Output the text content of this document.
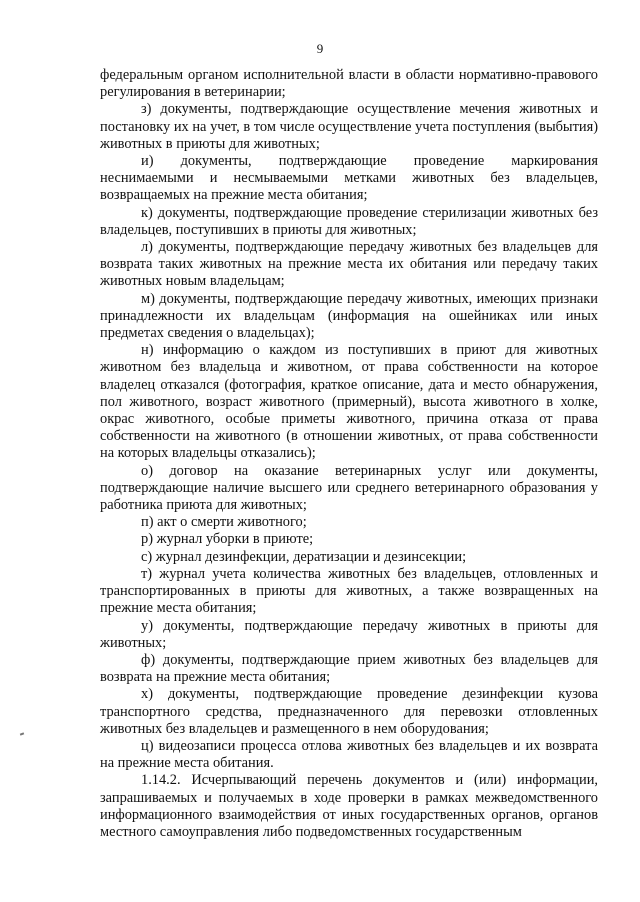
9

федеральным органом исполнительной власти в области нормативно-правового регулирования в ветеринарии;

з) документы, подтверждающие осуществление мечения животных и постановку их на учет, в том числе осуществление учета поступления (выбытия) животных в приюты для животных;

и) документы, подтверждающие проведение маркирования неснимаемыми и несмываемыми метками животных без владельцев, возвращаемых на прежние места обитания;

к) документы, подтверждающие проведение стерилизации животных без владельцев, поступивших в приюты для животных;

л) документы, подтверждающие передачу животных без владельцев для возврата таких животных на прежние места их обитания или передачу таких животных новым владельцам;

м) документы, подтверждающие передачу животных, имеющих признаки принадлежности их владельцам (информация на ошейниках или иных предметах сведения о владельцах);

н) информацию о каждом из поступивших в приют для животных животном без владельца и животном, от права собственности на которое владелец отказался (фотография, краткое описание, дата и место обнаружения, пол животного, возраст животного (примерный), высота животного в холке, окрас животного, особые приметы животного, причина отказа от права собственности на животного (в отношении животных, от права собственности на которых владельцы отказались);

о) договор на оказание ветеринарных услуг или документы, подтверждающие наличие высшего или среднего ветеринарного образования у работника приюта для животных;

п) акт о смерти животного;

р) журнал уборки в приюте;

с) журнал дезинфекции, дератизации и дезинсекции;

т) журнал учета количества животных без владельцев, отловленных и транспортированных в приюты для животных, а также возвращенных на прежние места обитания;

у) документы, подтверждающие передачу животных в приюты для животных;

ф) документы, подтверждающие прием животных без владельцев для возврата на прежние места обитания;

х) документы, подтверждающие проведение дезинфекции кузова транспортного средства, предназначенного для перевозки отловленных животных без владельцев и размещенного в нем оборудования;

ц) видеозаписи процесса отлова животных без владельцев и их возврата на прежние места обитания.

1.14.2. Исчерпывающий перечень документов и (или) информации, запрашиваемых и получаемых в ходе проверки в рамках межведомственного информационного взаимодействия от иных государственных органов, органов местного самоуправления либо подведомственных государственным
